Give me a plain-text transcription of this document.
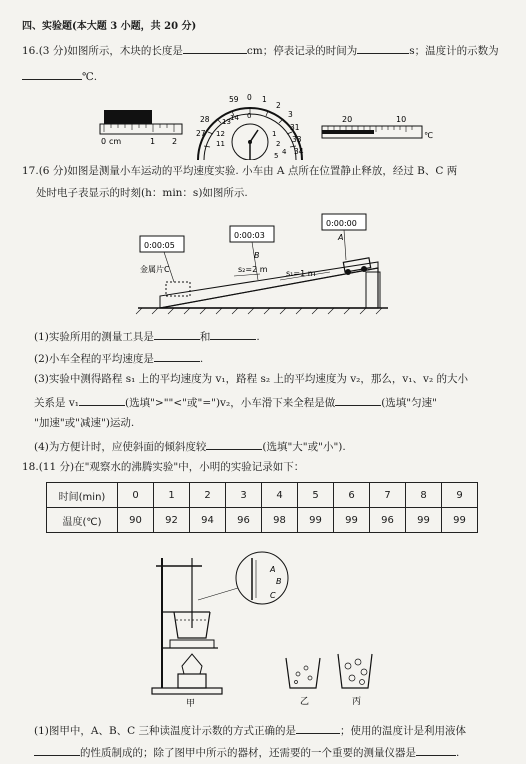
四、实验题(本大题 3 小题，共 20 分)
16.(3 分)如图所示，木块的长度是	cm；停表记录的时间为	s；温度计的示数为
℃.
0 cm	1 2
59 0 1
2
3
28 13 14 0
31
27 12
11
1
2 33
4 34
5
20	10
℃
17.(6 分)如图是测量小车运动的平均速度实验. 小车由 A 点所在位置静止释放，经过 B、C 两
处时电子表显示的时刻(h：min：s)如图所示.
0:00:05
0:00:03
0:00:00
A
B
金属片C	s₂=2 m s₁=1 m
(1)实验所用的测量工具是	和	.
(2)小车全程的平均速度是	.
(3)实验中测得路程 s₁ 上的平均速度为 v₁，路程 s₂ 上的平均速度为 v₂，那么，v₁、v₂ 的大小
关系是 v₁	(选填">""<"或"=")v₂，小车滑下来全程是做	(选填"匀速"
"加速"或"减速")运动.
(4)为方便计时，应使斜面的倾斜度较	(选填"大"或"小").
18.(11 分)在"观察水的沸腾实验"中，小明的实验记录如下：
时间(min)	0	1	2	3	4	5	6	7	8	9
温度(℃)	90	92	94	96	98	99	99	96	99	99
A
B
C
甲	乙	丙
(1)图甲中，A、B、C 三种读温度计示数的方式正确的是	；使用的温度计是利用液体
的性质制成的；除了图甲中所示的器材，还需要的一个重要的测量仪器是	.
